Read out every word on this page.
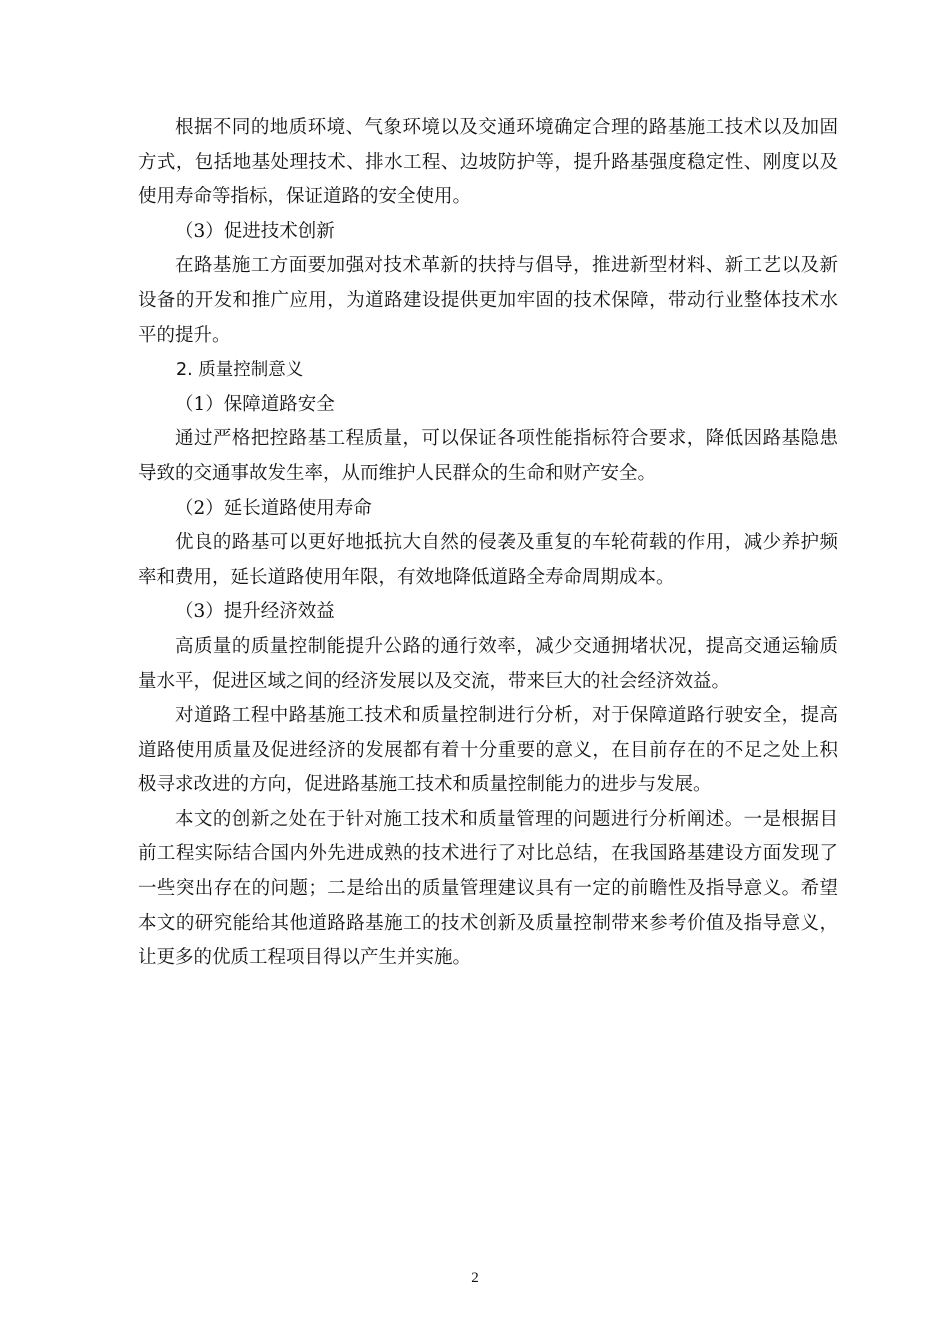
根据不同的地质环境、气象环境以及交通环境确定合理的路基施工技术以及加固方式，包括地基处理技术、排水工程、边坡防护等，提升路基强度稳定性、刚度以及使用寿命等指标，保证道路的安全使用。

（3）促进技术创新

在路基施工方面要加强对技术革新的扶持与倡导，推进新型材料、新工艺以及新设备的开发和推广应用，为道路建设提供更加牢固的技术保障，带动行业整体技术水平的提升。

2. 质量控制意义

（1）保障道路安全

通过严格把控路基工程质量，可以保证各项性能指标符合要求，降低因路基隐患导致的交通事故发生率，从而维护人民群众的生命和财产安全。

（2）延长道路使用寿命

优良的路基可以更好地抵抗大自然的侵袭及重复的车轮荷载的作用，减少养护频率和费用，延长道路使用年限，有效地降低道路全寿命周期成本。

（3）提升经济效益

高质量的质量控制能提升公路的通行效率，减少交通拥堵状况，提高交通运输质量水平，促进区域之间的经济发展以及交流，带来巨大的社会经济效益。

对道路工程中路基施工技术和质量控制进行分析，对于保障道路行驶安全，提高道路使用质量及促进经济的发展都有着十分重要的意义，在目前存在的不足之处上积极寻求改进的方向，促进路基施工技术和质量控制能力的进步与发展。

本文的创新之处在于针对施工技术和质量管理的问题进行分析阐述。一是根据目前工程实际结合国内外先进成熟的技术进行了对比总结，在我国路基建设方面发现了一些突出存在的问题；二是给出的质量管理建议具有一定的前瞻性及指导意义。希望本文的研究能给其他道路路基施工的技术创新及质量控制带来参考价值及指导意义，让更多的优质工程项目得以产生并实施。

2
